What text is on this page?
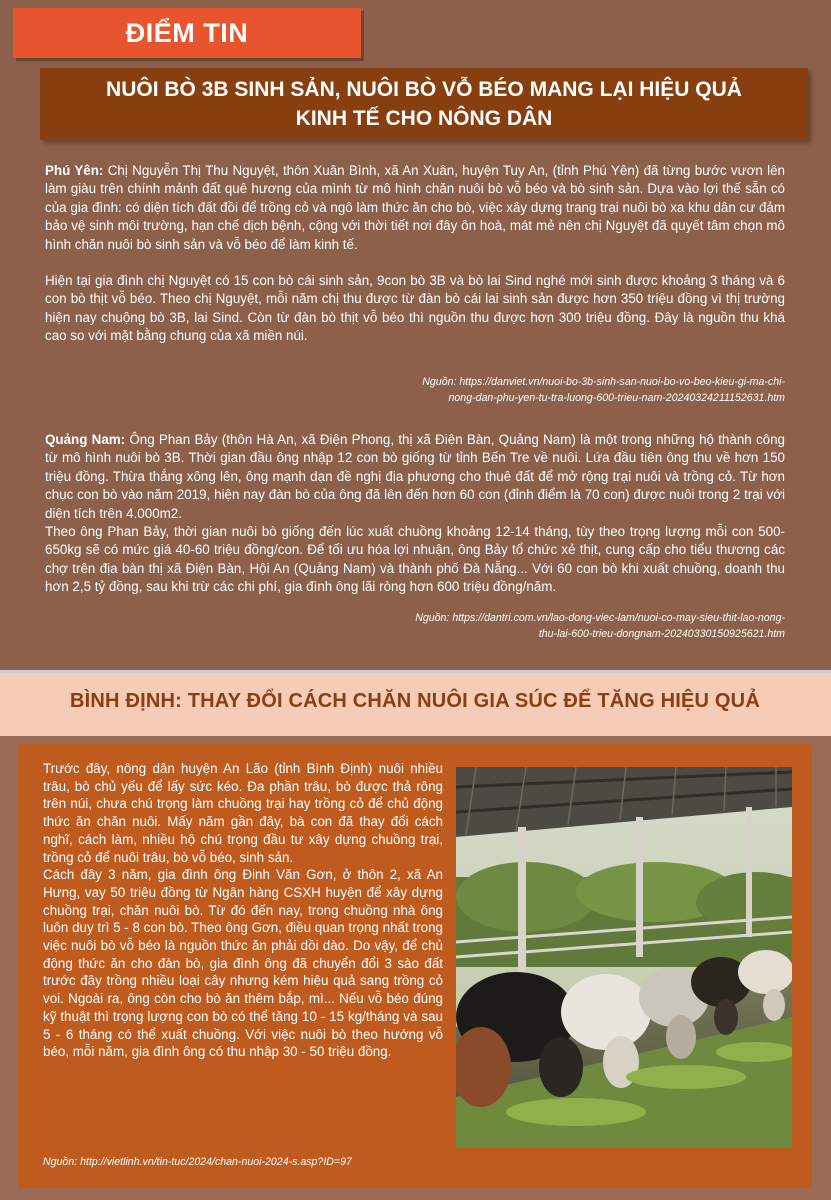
ĐIỂM TIN
NUÔI BÒ 3B SINH SẢN, NUÔI BÒ VỖ BÉO MANG LẠI HIỆU QUẢ KINH TẾ CHO NÔNG DÂN

Phú Yên: Chị Nguyễn Thị Thu Nguyệt, thôn Xuân Bình, xã An Xuân, huyện Tuy An, (tỉnh Phú Yên) đã từng bước vươn lên làm giàu trên chính mảnh đất quê hương của mình từ mô hình chăn nuôi bò vỗ béo và bò sinh sản. Dựa vào lợi thế sẵn có của gia đình: có diện tích đất đồi để trồng cỏ và ngô làm thức ăn cho bò, việc xây dựng trang trại nuôi bò xa khu dân cư đảm bảo vệ sinh môi trường, hạn chế dịch bệnh, cộng với thời tiết nơi đây ôn hoà, mát mẻ nên chị Nguyệt đã quyết tâm chọn mô hình chăn nuôi bò sinh sản và vỗ béo để làm kinh tế.

Hiện tại gia đình chị Nguyệt có 15 con bò cái sinh sản, 9con bò 3B và bò lai Sind nghé mới sinh được khoảng 3 tháng và 6 con bò thịt vỗ béo. Theo chị Nguyệt, mỗi năm chị thu được từ đàn bò cái lai sinh sản được hơn 350 triệu đồng vì thị trường hiện nay chuộng bò 3B, lai Sind. Còn từ đàn bò thịt vỗ béo thì nguồn thu được hơn 300 triệu đồng. Đây là nguồn thu khá cao so với mặt bằng chung của xã miền núi.

Nguồn: https://danviet.vn/nuoi-bo-3b-sinh-san-nuoi-bo-vo-beo-kieu-gi-ma-chi-
nong-dan-phu-yen-tu-tra-luong-600-trieu-nam-20240324211152631.htm

Quảng Nam: Ông Phan Bảy (thôn Hà An, xã Điện Phong, thị xã Điện Bàn, Quảng Nam) là một trong những hộ thành công từ mô hình nuôi bò 3B. Thời gian đầu ông nhập 12 con bò giống từ tỉnh Bến Tre về nuôi. Lứa đầu tiên ông thu về hơn 150 triệu đồng. Thừa thắng xông lên, ông mạnh dạn đề nghị địa phương cho thuê đất để mở rộng trại nuôi và trồng cỏ. Từ hơn chục con bò vào năm 2019, hiện nay đàn bò của ông đã lên đến hơn 60 con (đỉnh điểm là 70 con) được nuôi trong 2 trại với diện tích trên 4.000m2.

Theo ông Phan Bảy, thời gian nuôi bò giống đến lúc xuất chuồng khoảng 12-14 tháng, tùy theo trọng lượng mỗi con 500-650kg sẽ có mức giá 40-60 triệu đồng/con. Để tối ưu hóa lợi nhuận, ông Bảy tổ chức xẻ thịt, cung cấp cho tiểu thương các chợ trên địa bàn thị xã Điện Bàn, Hội An (Quảng Nam) và thành phố Đà Nẵng... Với 60 con bò khi xuất chuồng, doanh thu hơn 2,5 tỷ đồng, sau khi trừ các chi phí, gia đình ông lãi ròng hơn 600 triệu đồng/năm.

Nguồn: https://dantri.com.vn/lao-dong-viec-lam/nuoi-co-may-sieu-thit-lao-nong-
thu-lai-600-trieu-dongnam-20240330150925621.htm
BÌNH ĐỊNH: THAY ĐỔI CÁCH CHĂN NUÔI GIA SÚC ĐỂ TĂNG HIỆU QUẢ

Trước đây, nông dân huyện An Lão (tỉnh Bình Định) nuôi nhiều trâu, bò chủ yếu để lấy sức kéo. Đa phần trâu, bò được thả rông trên núi, chưa chú trọng làm chuồng trại hay trồng cỏ để chủ động thức ăn chăn nuôi. Mấy năm gần đây, bà con đã thay đổi cách nghĩ, cách làm, nhiều hộ chú trọng đầu tư xây dựng chuồng trại, trồng cỏ để nuôi trâu, bò vỗ béo, sinh sản.

Cách đây 3 năm, gia đình ông Đinh Văn Gơn, ở thôn 2, xã An Hưng, vay 50 triệu đồng từ Ngân hàng CSXH huyện để xây dựng chuồng trại, chăn nuôi bò. Từ đó đến nay, trong chuồng nhà ông luôn duy trì 5 - 8 con bò. Theo ông Gơn, điều quan trọng nhất trong việc nuôi bò vỗ béo là nguồn thức ăn phải dồi dào. Do vậy, để chủ động thức ăn cho đàn bò, gia đình ông đã chuyển đổi 3 sào đất trước đây trồng nhiều loại cây nhưng kém hiệu quả sang trồng cỏ voi. Ngoài ra, ông còn cho bò ăn thêm bắp, mì... Nếu vỗ béo đúng kỹ thuật thì trọng lượng con bò có thể tăng 10 - 15 kg/tháng và sau 5 - 6 tháng có thể xuất chuồng. Với việc nuôi bò theo hướng vỗ béo, mỗi năm, gia đình ông có thu nhập 30 - 50 triệu đồng.

Nguồn: http://vietlinh.vn/tin-tuc/2024/chan-nuoi-2024-s.asp?ID=97
